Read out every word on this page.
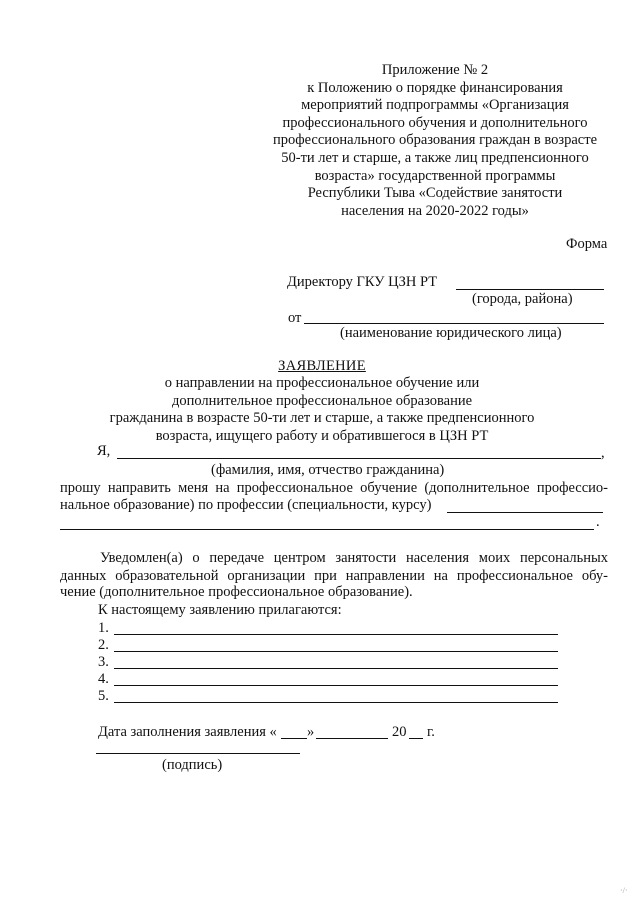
Приложение № 2
к Положению о порядке финансирования
мероприятий подпрограммы «Организация
профессионального обучения и дополнительного
профессионального образования граждан в возрасте
50-ти лет и старше, а также лиц предпенсионного
возраста» государственной программы
Республики Тыва «Содействие занятости
населения на 2020-2022 годы»
Форма
Директору ГКУ ЦЗН РТ
(города, района)
от
(наименование юридического лица)
ЗАЯВЛЕНИЕ
о направлении на профессиональное обучение или
дополнительное профессиональное образование
гражданина в возрасте 50-ти лет и старше, а также предпенсионного
возраста, ищущего работу и обратившегося в ЦЗН РТ
Я,	,
(фамилия, имя, отчество гражданина)
прошу направить меня на профессиональное обучение (дополнительное профессио-
нальное образование) по профессии (специальности, курсу)
.
Уведомлен(а) о передаче центром занятости населения моих персональных
данных образовательной организации при направлении на профессиональное обу-
чение (дополнительное профессиональное образование).
К настоящему заявлению прилагаются:
1.
2.
3.
4.
5.
Дата заполнения заявления « »	20 г.
(подпись)
·/·
